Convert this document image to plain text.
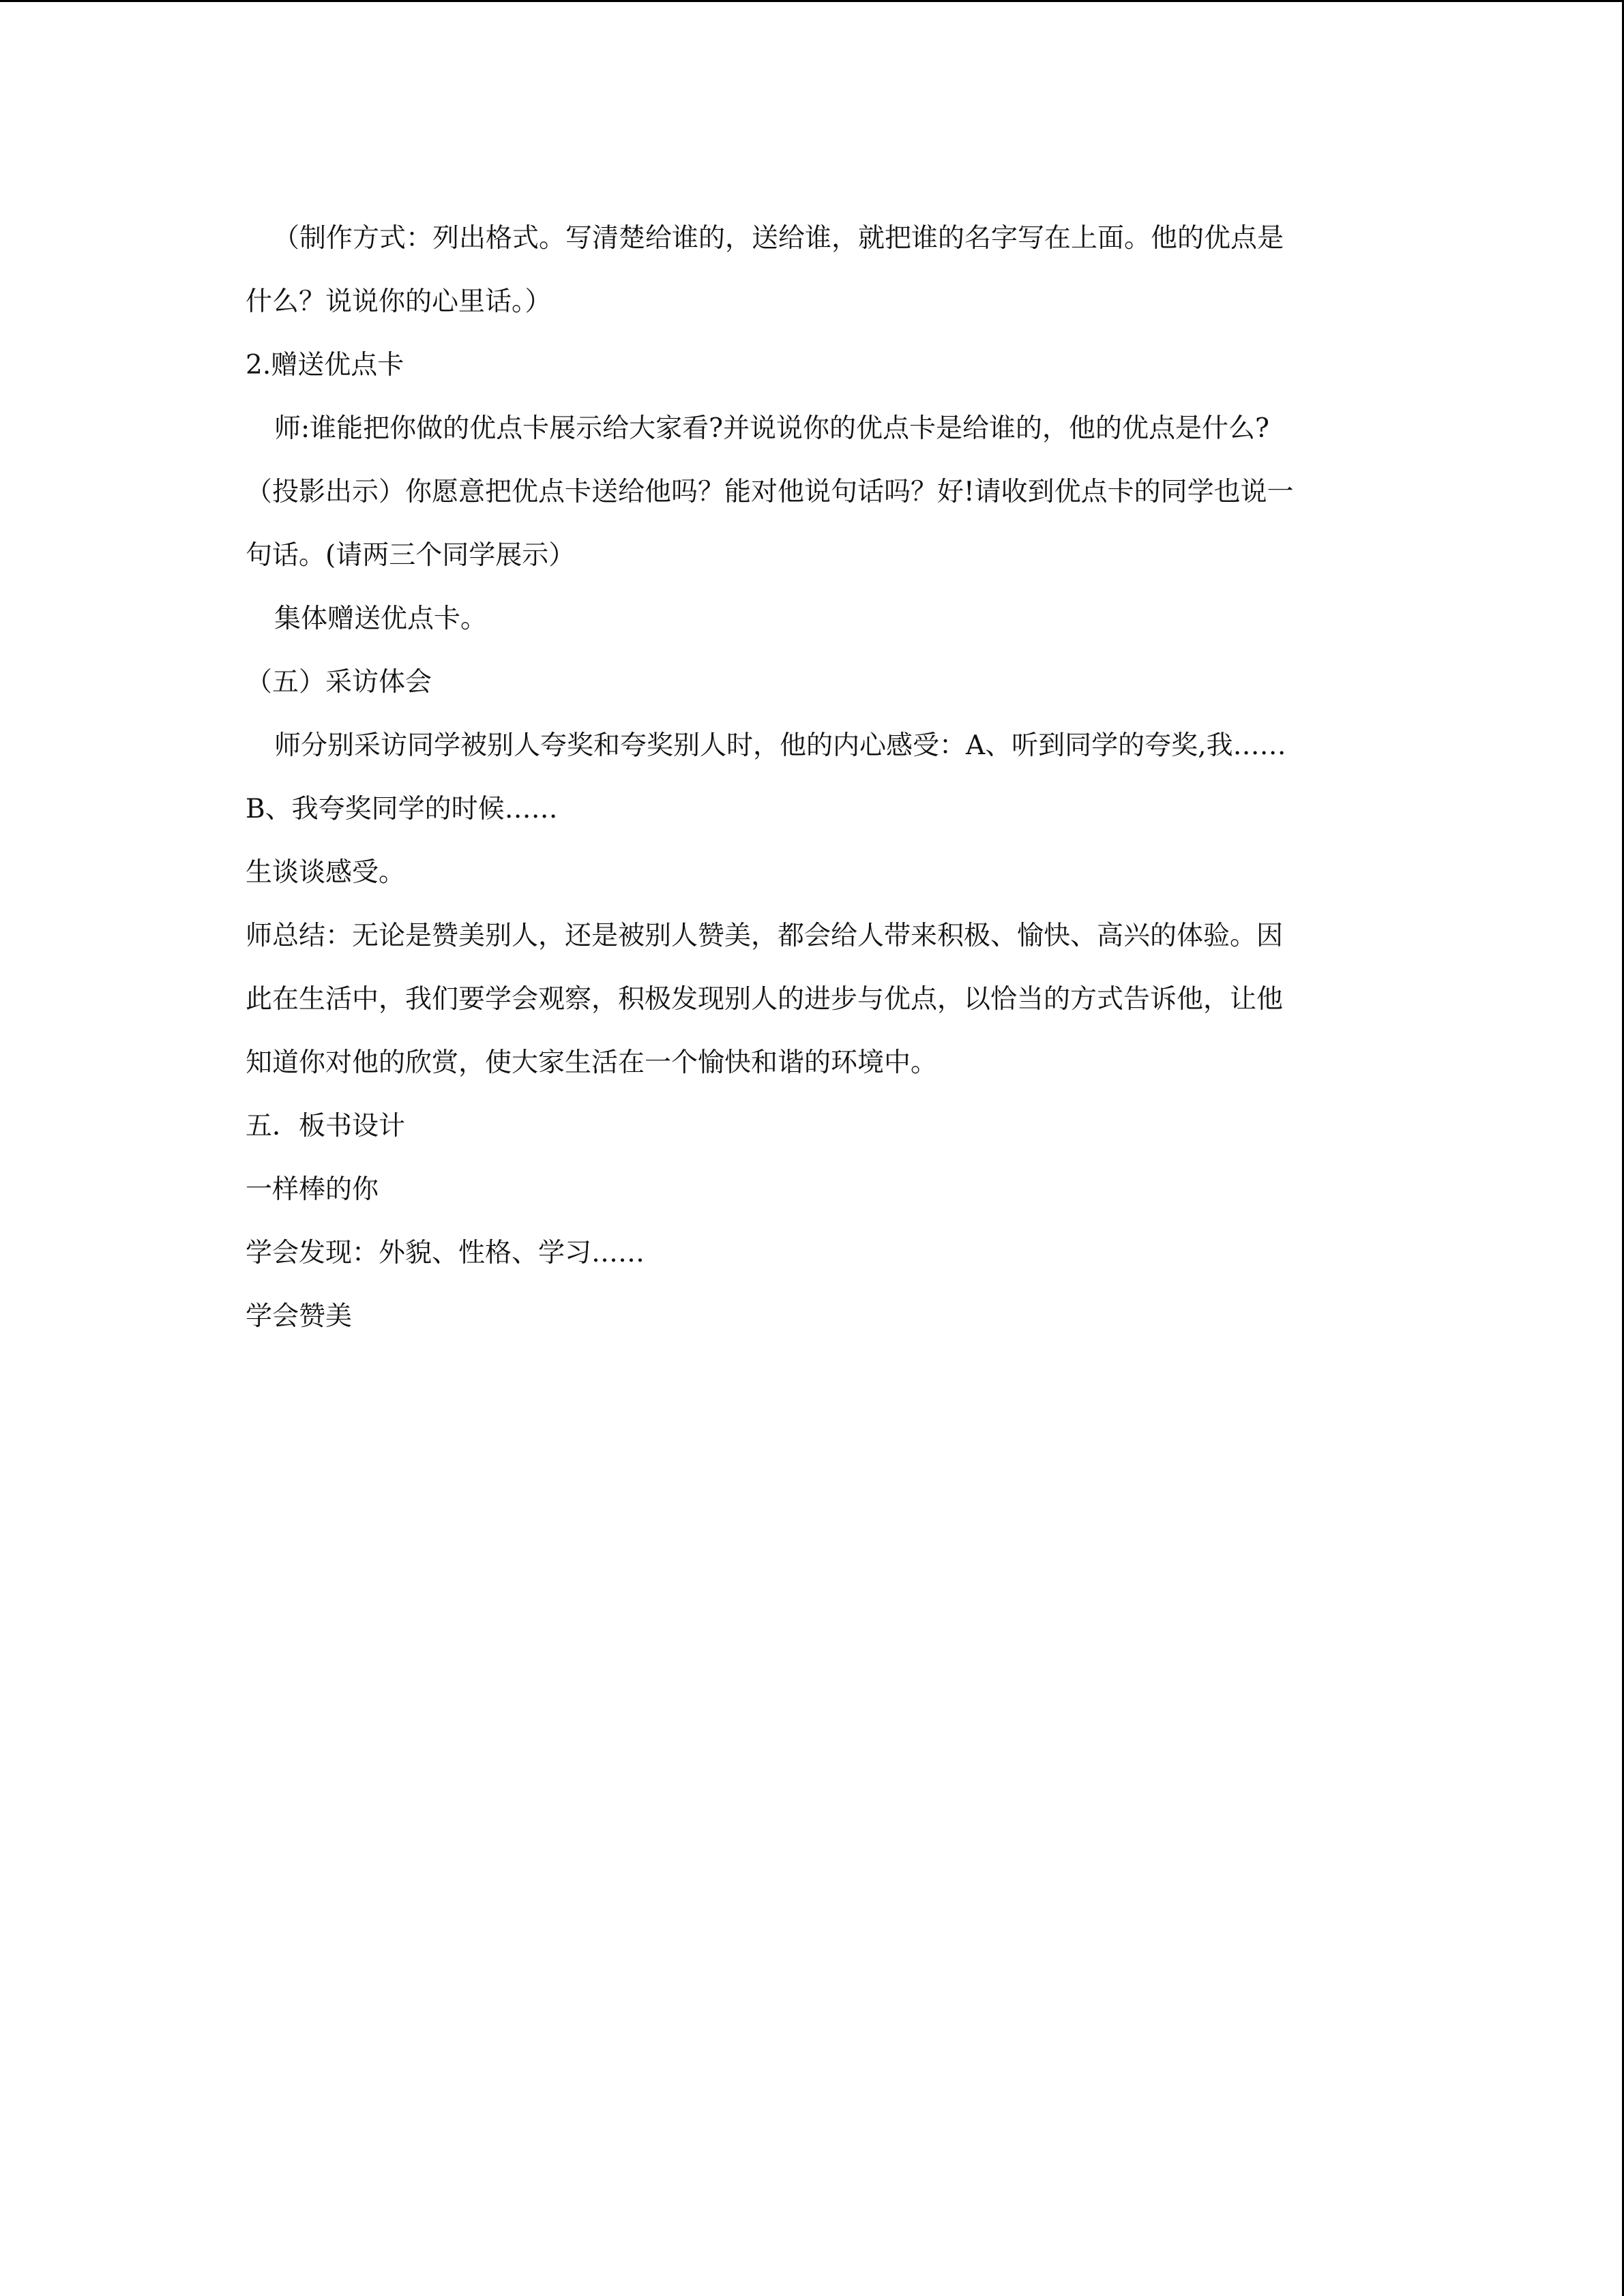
（制作方式：列出格式。写清楚给谁的，送给谁，就把谁的名字写在上面。他的优点是
什么？说说你的心里话。）
2.赠送优点卡
师:谁能把你做的优点卡展示给大家看?并说说你的优点卡是给谁的，他的优点是什么?
（投影出示）你愿意把优点卡送给他吗？能对他说句话吗？好!请收到优点卡的同学也说一
句话。(请两三个同学展示）
集体赠送优点卡。
（五）采访体会
师分别采访同学被别人夸奖和夸奖别人时，他的内心感受：A、听到同学的夸奖,我……
B、我夸奖同学的时候……
生谈谈感受。
师总结：无论是赞美别人，还是被别人赞美，都会给人带来积极、愉快、高兴的体验。因
此在生活中，我们要学会观察，积极发现别人的进步与优点，以恰当的方式告诉他，让他
知道你对他的欣赏，使大家生活在一个愉快和谐的环境中。
五．板书设计
一样棒的你
学会发现：外貌、性格、学习……
学会赞美
